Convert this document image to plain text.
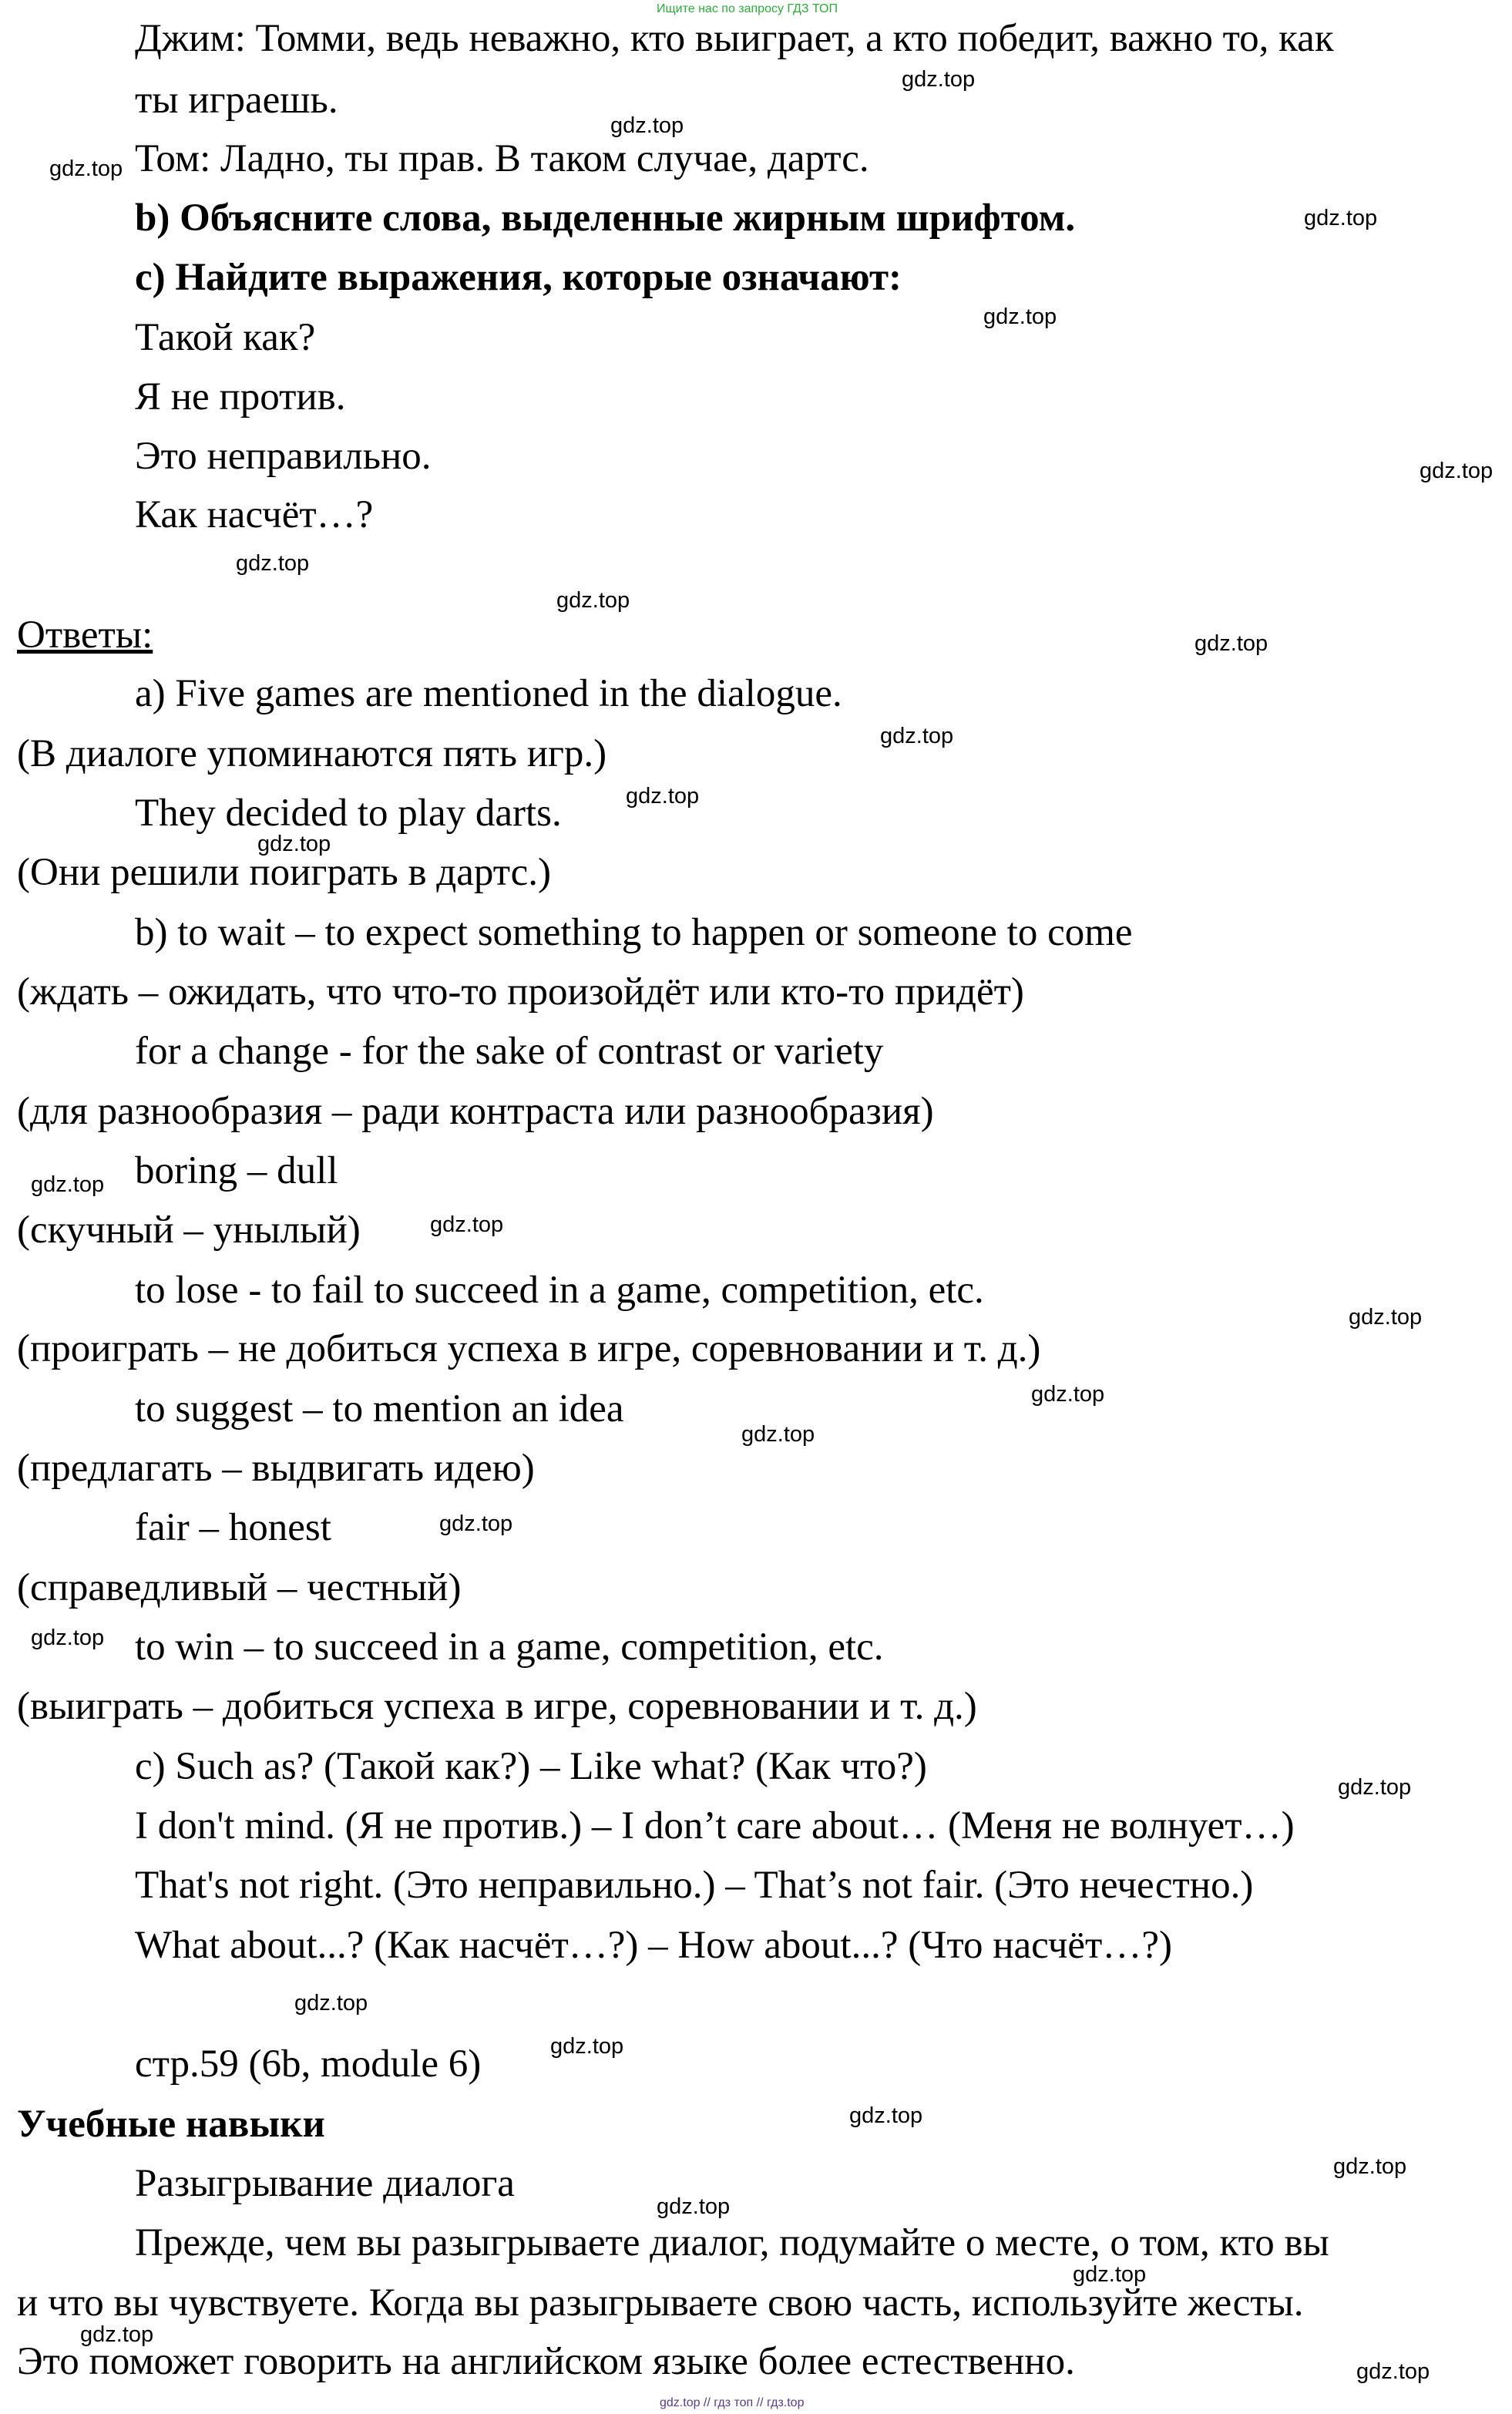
Ищите нас по запросу ГДЗ ТОП
Джим: Томми, ведь неважно, кто выиграет, а кто победит, важно то, как
ты играешь.
Том: Ладно, ты прав. В таком случае, дартс.
b) Объясните слова, выделенные жирным шрифтом.
c) Найдите выражения, которые означают:
Такой как?
Я не против.
Это неправильно.
Как насчёт…?
Ответы:
a) Five games are mentioned in the dialogue.
(В диалоге упоминаются пять игр.)
They decided to play darts.
(Они решили поиграть в дартс.)
b) to wait – to expect something to happen or someone to come
(ждать – ожидать, что что-то произойдёт или кто-то придёт)
for a change - for the sake of contrast or variety
(для разнообразия – ради контраста или разнообразия)
boring – dull
(скучный – унылый)
to lose - to fail to succeed in a game, competition, etc.
(проиграть – не добиться успеха в игре, соревновании и т. д.)
to suggest – to mention an idea
(предлагать – выдвигать идею)
fair – honest
(справедливый – честный)
to win – to succeed in a game, competition, etc.
(выиграть – добиться успеха в игре, соревновании и т. д.)
c) Such as? (Такой как?) – Like what? (Как что?)
I don't mind. (Я не против.) – I don’t care about… (Меня не волнует…)
That's not right. (Это неправильно.) – That’s not fair. (Это нечестно.)
What about...? (Как насчёт…?) – How about...? (Что насчёт…?)
стр.59 (6b, module 6)
Учебные навыки
Разыгрывание диалога
Прежде, чем вы разыгрываете диалог, подумайте о месте, о том, кто вы
и что вы чувствуете. Когда вы разыгрываете свою часть, используйте жесты.
Это поможет говорить на английском языке более естественно.
gdz.top
gdz.top
gdz.top
gdz.top
gdz.top
gdz.top
gdz.top
gdz.top
gdz.top
gdz.top
gdz.top
gdz.top
gdz.top
gdz.top
gdz.top
gdz.top
gdz.top
gdz.top
gdz.top
gdz.top
gdz.top
gdz.top
gdz.top
gdz.top
gdz.top
gdz.top
gdz.top
gdz.top
gdz.top // гдз топ // гдз.top
